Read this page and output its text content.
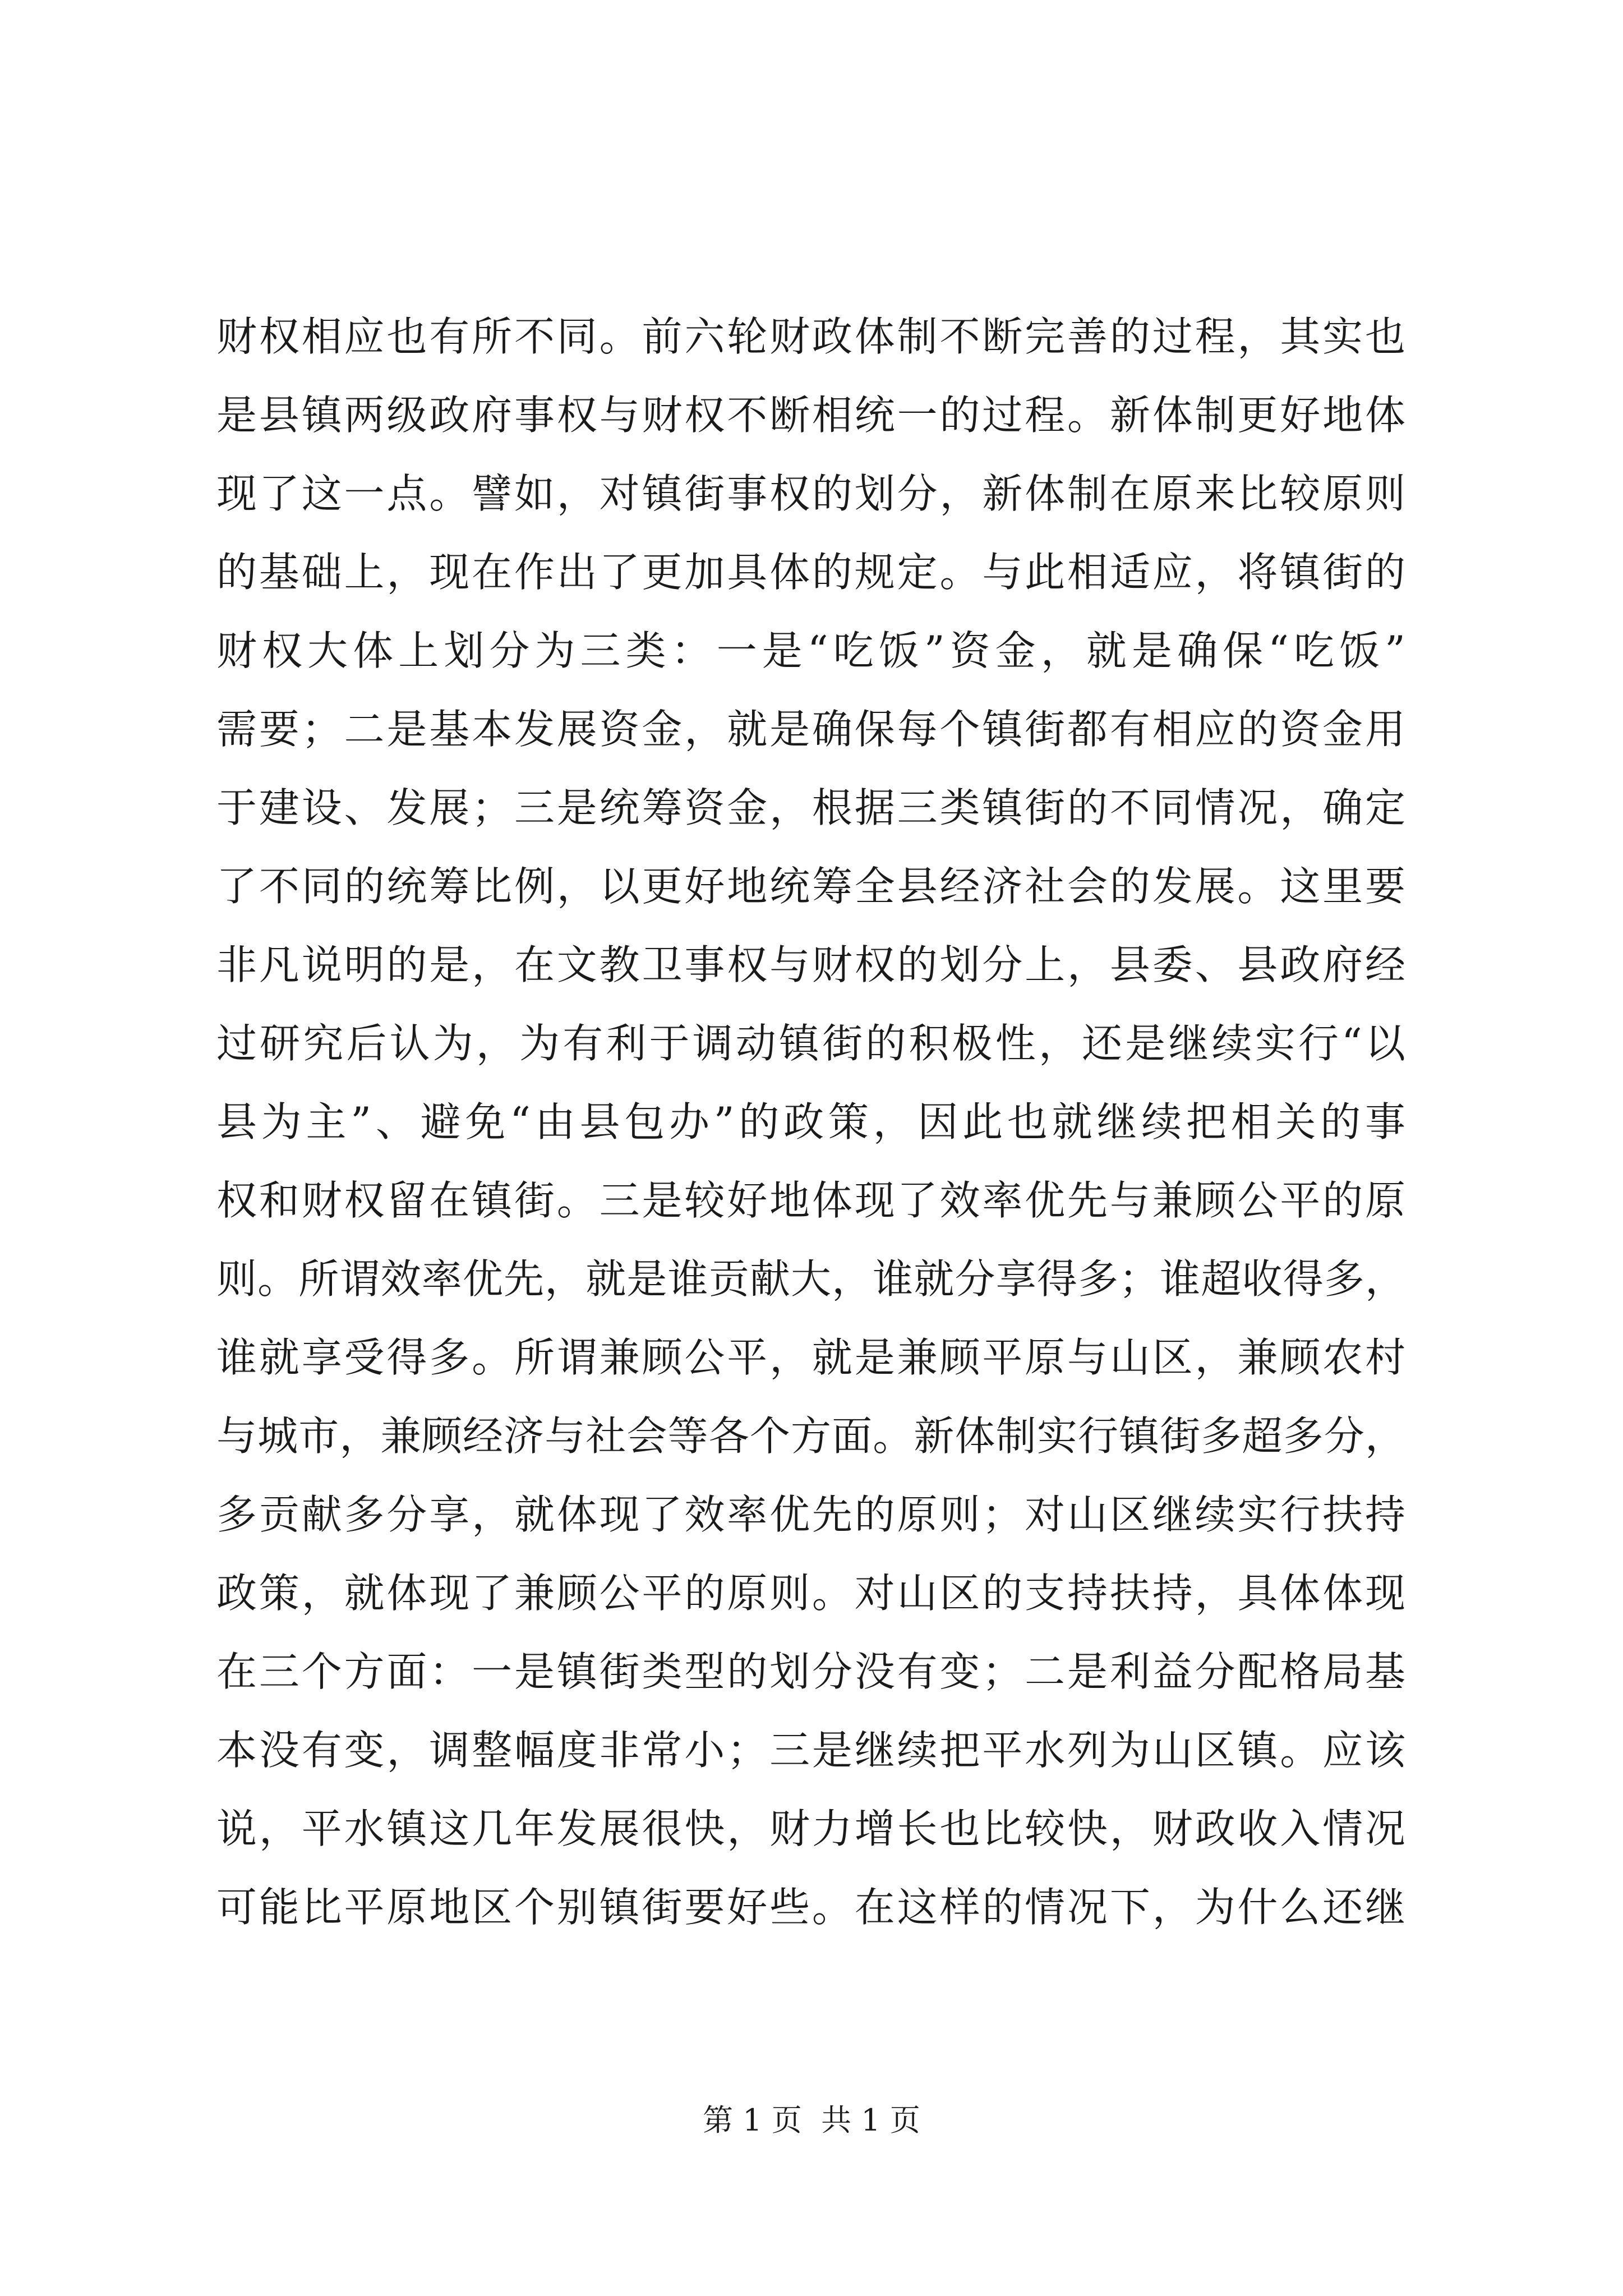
财权相应也有所不同。前六轮财政体制不断完善的过程，其实也
是县镇两级政府事权与财权不断相统一的过程。新体制更好地体
现了这一点。譬如，对镇街事权的划分，新体制在原来比较原则
的基础上，现在作出了更加具体的规定。与此相适应，将镇街的
财权大体上划分为三类：一是“吃饭”资金，就是确保“吃饭”
需要；二是基本发展资金，就是确保每个镇街都有相应的资金用
于建设、发展；三是统筹资金，根据三类镇街的不同情况，确定
了不同的统筹比例，以更好地统筹全县经济社会的发展。这里要
非凡说明的是，在文教卫事权与财权的划分上，县委、县政府经
过研究后认为，为有利于调动镇街的积极性，还是继续实行“以
县为主”、避免“由县包办”的政策，因此也就继续把相关的事
权和财权留在镇街。三是较好地体现了效率优先与兼顾公平的原
则。所谓效率优先，就是谁贡献大，谁就分享得多；谁超收得多，
谁就享受得多。所谓兼顾公平，就是兼顾平原与山区，兼顾农村
与城市，兼顾经济与社会等各个方面。新体制实行镇街多超多分，
多贡献多分享，就体现了效率优先的原则；对山区继续实行扶持
政策，就体现了兼顾公平的原则。对山区的支持扶持，具体体现
在三个方面：一是镇街类型的划分没有变；二是利益分配格局基
本没有变，调整幅度非常小；三是继续把平水列为山区镇。应该
说，平水镇这几年发展很快，财力增长也比较快，财政收入情况
可能比平原地区个别镇街要好些。在这样的情况下，为什么还继
第 1 页  共 1 页
